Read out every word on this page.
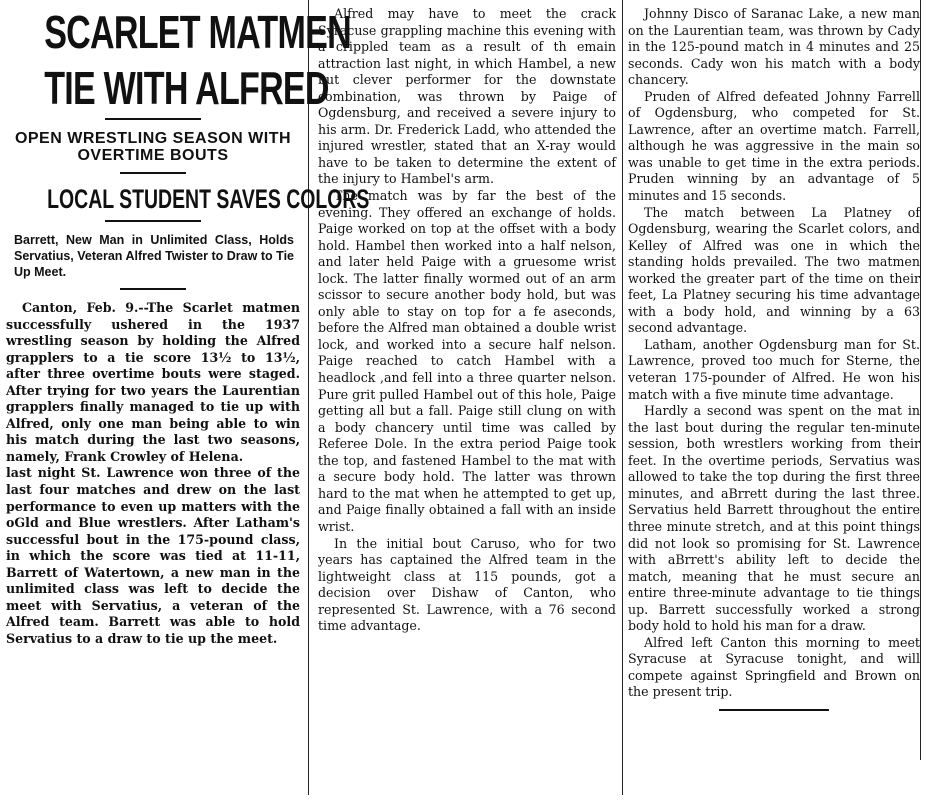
SCARLET MATMEN
TIE WITH ALFRED
OPEN WRESTLING SEASON WITH OVERTIME BOUTS
LOCAL STUDENT SAVES COLORS
Barrett, New Man in Unlimited Class, Holds Servatius, Veteran Alfred Twister to Draw to Tie Up Meet.

Canton, Feb. 9.--The Scarlet matmen successfully ushered in the 1937 wrestling season by holding the Alfred grapplers to a tie score 13½ to 13½, after three overtime bouts were staged. After trying for two years the Laurentian grapplers finally managed to tie up with Alfred, only one man being able to win his match during the last two seasons, namely, Frank Crowley of Helena.

last night St. Lawrence won three of the last four matches and drew on the last performance to even up matters with the oGld and Blue wrestlers. After Latham's successful bout in the 175-pound class, in which the score was tied at 11-11, Barrett of Watertown, a new man in the unlimited class was left to decide the meet with Servatius, a veteran of the Alfred team. Barrett was able to hold Servatius to a draw to tie up the meet.

Alfred may have to meet the crack Syracuse grappling machine this evening with a crippled team as a result of th emain attraction last night, in which Hambel, a new but clever performer for the downstate combination, was thrown by Paige of Ogdensburg, and received a severe injury to his arm. Dr. Frederick Ladd, who attended the injured wrestler, stated that an X-ray would have to be taken to determine the extent of the injury to Hambel's arm.

The match was by far the best of the evening. They offered an exchange of holds. Paige worked on top at the offset with a body hold. Hambel then worked into a half nelson, and later held Paige with a gruesome wrist lock. The latter finally wormed out of an arm scissor to secure another body hold, but was only able to stay on top for a fe aseconds, before the Alfred man obtained a double wrist lock, and worked into a secure half nelson. Paige reached to catch Hambel with a headlock ,and fell into a three quarter nelson. Pure grit pulled Hambel out of this hole, Paige getting all but a fall. Paige still clung on with a body chancery until time was called by Referee Dole. In the extra period Paige took the top, and fastened Hambel to the mat with a secure body hold. The latter was thrown hard to the mat when he attempted to get up, and Paige finally obtained a fall with an inside wrist.

In the initial bout Caruso, who for two years has captained the Alfred team in the lightweight class at 115 pounds, got a decision over Dishaw of Canton, who represented St. Lawrence, with a 76 second time advantage.

Johnny Disco of Saranac Lake, a new man on the Laurentian team, was thrown by Cady in the 125-pound match in 4 minutes and 25 seconds. Cady won his match with a body chancery.

Pruden of Alfred defeated Johnny Farrell of Ogdensburg, who competed for St. Lawrence, after an overtime match. Farrell, although he was aggressive in the main so was unable to get time in the extra periods. Pruden winning by an advantage of 5 minutes and 15 seconds.

The match between La Platney of Ogdensburg, wearing the Scarlet colors, and Kelley of Alfred was one in which the standing holds prevailed. The two matmen worked the greater part of the time on their feet, La Platney securing his time advantage with a body hold, and winning by a 63 second advantage.

Latham, another Ogdensburg man for St. Lawrence, proved too much for Sterne, the veteran 175-pounder of Alfred. He won his match with a five minute time advantage.

Hardly a second was spent on the mat in the last bout during the regular ten-minute session, both wrestlers working from their feet. In the overtime periods, Servatius was allowed to take the top during the first three minutes, and aBrrett during the last three. Servatius held Barrett throughout the entire three minute stretch, and at this point things did not look so promising for St. Lawrence with aBrrett's ability left to decide the match, meaning that he must secure an entire three-minute advantage to tie things up. Barrett successfully worked a strong body hold to hold his man for a draw.

Alfred left Canton this morning to meet Syracuse at Syracuse tonight, and will compete against Springfield and Brown on the present trip.
